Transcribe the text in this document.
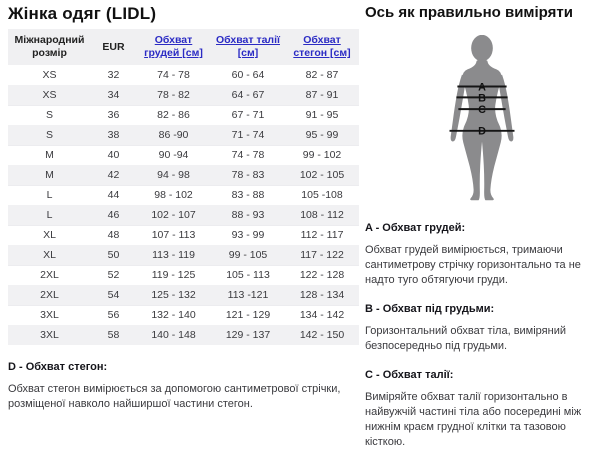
Жінка одяг (LIDL)
Міжнародний розмір	EUR	Обхват грудей [см]	Обхват талії [см]	Обхват стегон [см]
XS	32	74 - 78	60 - 64	82 - 87
XS	34	78 - 82	64 - 67	87 - 91
S	36	82 - 86	67 - 71	91 - 95
S	38	86 -90	71 - 74	95 - 99
M	40	90 -94	74 - 78	99 - 102
M	42	94 - 98	78 - 83	102 - 105
L	44	98 - 102	83 - 88	105 -108
L	46	102 - 107	88 - 93	108 - 112
XL	48	107 - 113	93 - 99	112 - 117
XL	50	113 - 119	99 - 105	117 - 122
2XL	52	119 - 125	105 - 113	122 - 128
2XL	54	125 - 132	113 -121	128 - 134
3XL	56	132 - 140	121 - 129	134 - 142
3XL	58	140 - 148	129 - 137	142 - 150
D - Обхват стегон:
Обхват стегон вимірюється за допомогою сантиметрової стрічки, розміщеної навколо найширшої частини стегон.
Ось як правильно виміряти
A
B
C
D
A - Обхват грудей:
Обхват грудей вимірюється, тримаючи сантиметрову стрічку горизонтально та не надто туго обтягуючи груди.
B - Обхват під грудьми:
Горизонтальний обхват тіла, виміряний безпосередньо під грудьми.
C - Обхват талії:
Виміряйте обхват талії горизонтально в найвужчій частині тіла або посередині між нижнім краєм грудної клітки та тазовою кісткою.
